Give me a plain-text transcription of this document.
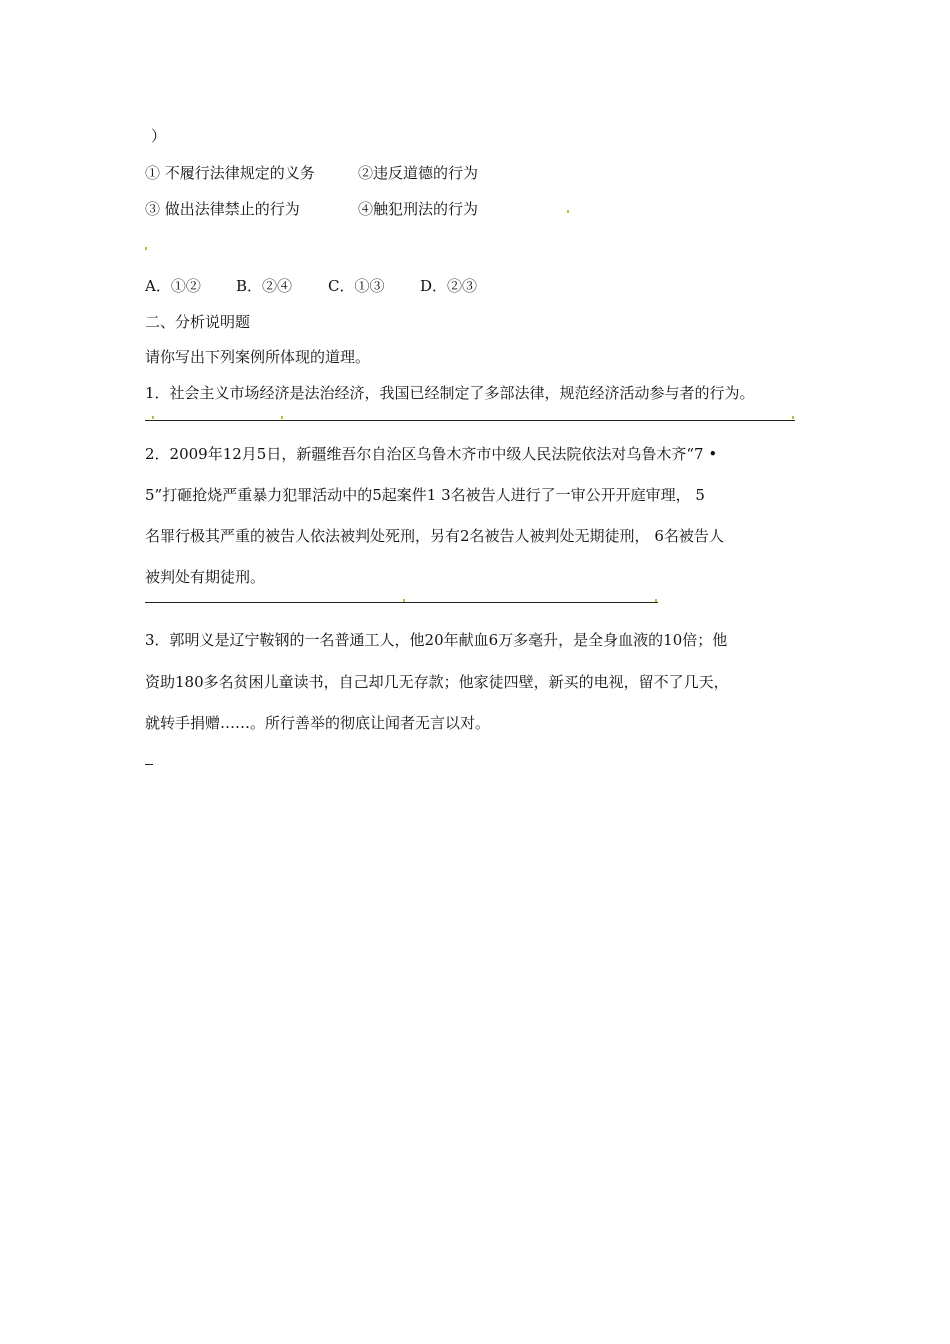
）
① 不履行法律规定的义务	②违反道德的行为
③ 做出法律禁止的行为	④触犯刑法的行为
A．①② B．②④ C．①③ D．②③
二、分析说明题
请你写出下列案例所体现的道理。
1．社会主义市场经济是法治经济，我国已经制定了多部法律，规范经济活动参与者的行为。
2．2009年12月5日，新疆维吾尔自治区乌鲁木齐市中级人民法院依法对乌鲁木齐“7 •
5”打砸抢烧严重暴力犯罪活动中的5起案件1 3名被告人进行了一审公开开庭审理， 5
名罪行极其严重的被告人依法被判处死刑，另有2名被告人被判处无期徒刑， 6名被告人
被判处有期徒刑。
3．郭明义是辽宁鞍钢的一名普通工人，他20年献血6万多毫升，是全身血液的10倍；他
资助180多名贫困儿童读书，自己却几无存款；他家徒四壁，新买的电视，留不了几天，
就转手捐赠……。所行善举的彻底让闻者无言以对。
